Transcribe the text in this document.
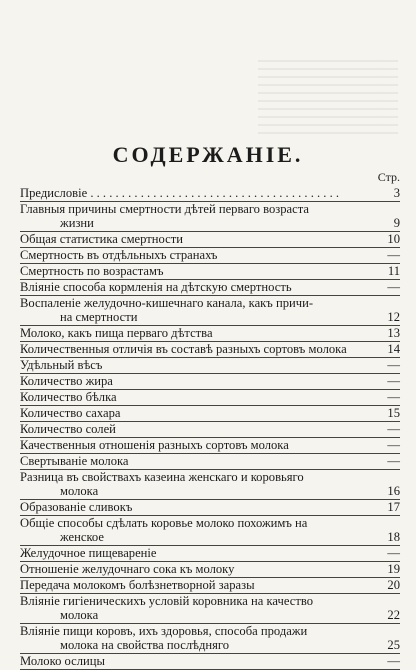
СОДЕРЖАНІЕ.
Стр.
Предисловіе . . . . . . . . . . . . . . . . . . . . . . . . . . . . . . . . . . . . . . . .	3
Главныя причины смертности дѣтей перваго возраста
жизни	9
Общая статистика смертности	10
Смертность въ отдѣльныхъ странахъ	—
Смертность по возрастамъ	11
Вліяніе способа кормленія на дѣтскую смертность	—
Воспаленіе желудочно-кишечнаго канала, какъ причи-
на смертности	12
Молоко, какъ пища перваго дѣтства	13
Количественныя отличія въ составѣ разныхъ сортовъ молока	14
Удѣльный вѣсъ	—
Количество жира	—
Количество бѣлка	—
Количество сахара	15
Количество солей	—
Качественныя отношенія разныхъ сортовъ молока	—
Свертываніе молока	—
Разница въ свойствахъ казеина женскаго и коровьяго
молока	16
Образованіе сливокъ	17
Общіе способы сдѣлать коровье молоко похожимъ на
женское	18
Желудочное пищевареніе	—
Отношеніе желудочнаго сока къ молоку	19
Передача молокомъ болѣзнетворной заразы	20
Вліяніе гигіеническихъ условій коровника на качество
молока	22
Вліяніе пищи коровъ, ихъ здоровья, способа продажи
молока на свойства послѣдняго	25
Молоко ослицы	—
